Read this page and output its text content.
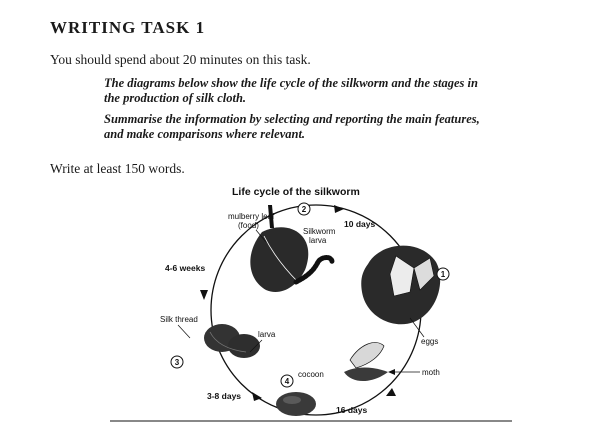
WRITING TASK 1

You should spend about 20 minutes on this task.

The diagrams below show the life cycle of the silkworm and the stages in
the production of silk cloth.
Summarise the information by selecting and reporting the main features,
and make comparisons where relevant.

Write at least 150 words.

Life cycle of the silkworm
2
1
3
4
mulberry leaf
(food)
Silkworm
larva
10 days
4-6 weeks
3-8 days
16 days
Silk thread
larva
cocoon
eggs
moth
